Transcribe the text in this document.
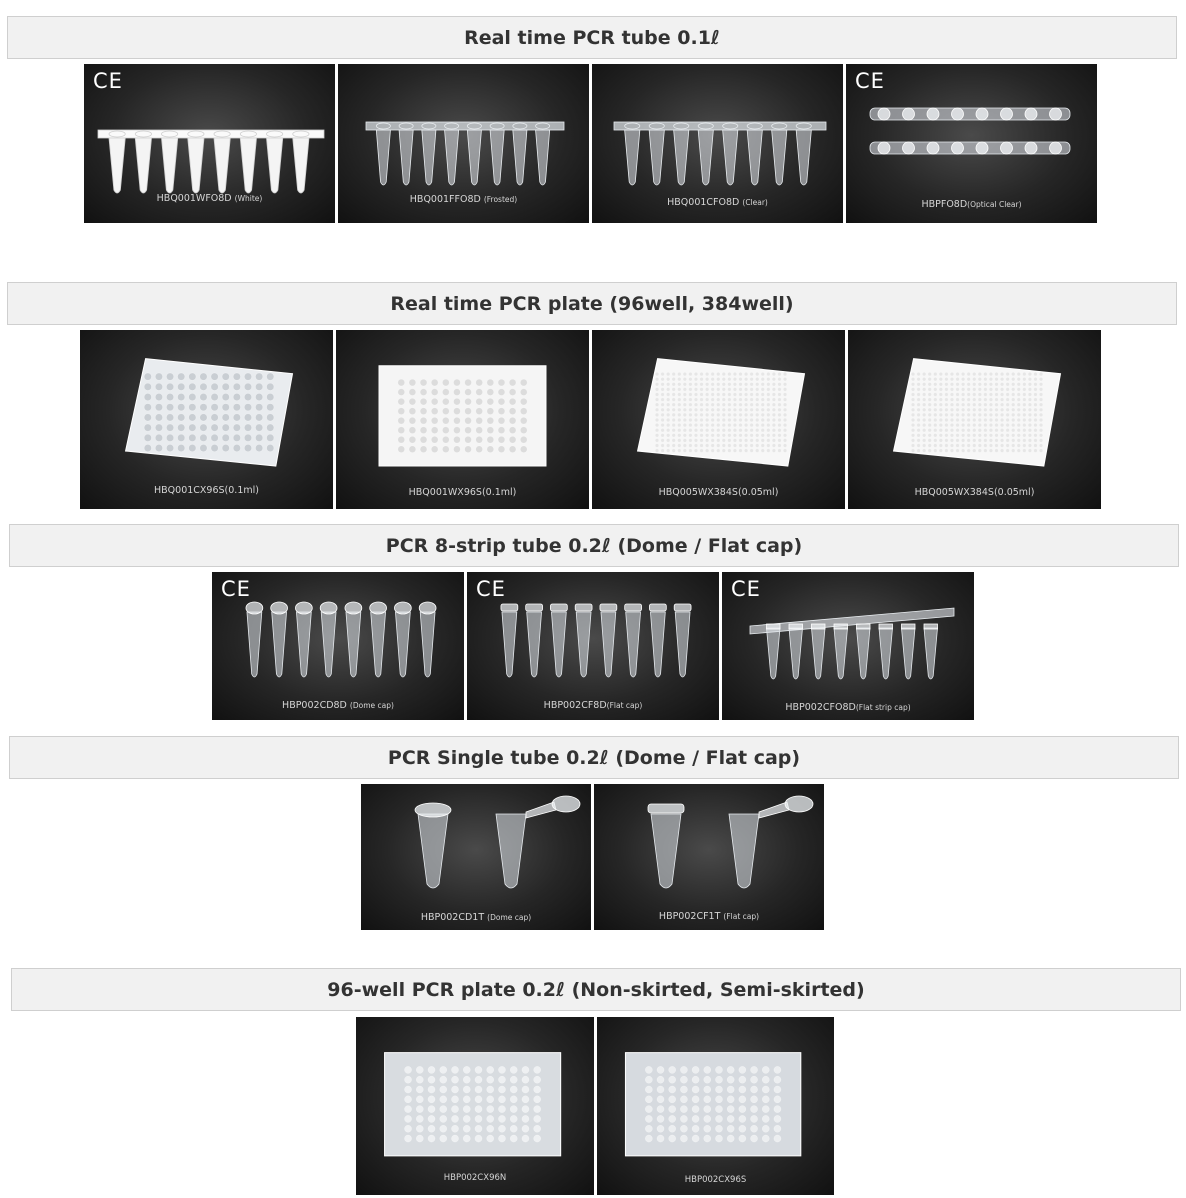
Real time PCR tube 0.1ℓ
CE
HBQ001WFO8D (White)	HBQ001FFO8D (Frosted)	HBQ001CFO8D (Clear)
CE
HBPFO8D(Optical Clear)
Real time PCR plate (96well, 384well)
HBQ001CX96S(0.1ml)	HBQ001WX96S(0.1ml)	HBQ005WX384S(0.05ml)	HBQ005WX384S(0.05ml)
PCR 8-strip tube 0.2ℓ (Dome / Flat cap)
CE
HBP002CD8D (Dome cap)
CE
HBP002CF8D(Flat cap)
CE
HBP002CFO8D(Flat strip cap)
PCR Single tube 0.2ℓ (Dome / Flat cap)
HBP002CD1T (Dome cap)	HBP002CF1T (Flat cap)
96-well PCR plate 0.2ℓ (Non-skirted, Semi-skirted)
HBP002CX96N	HBP002CX96S
